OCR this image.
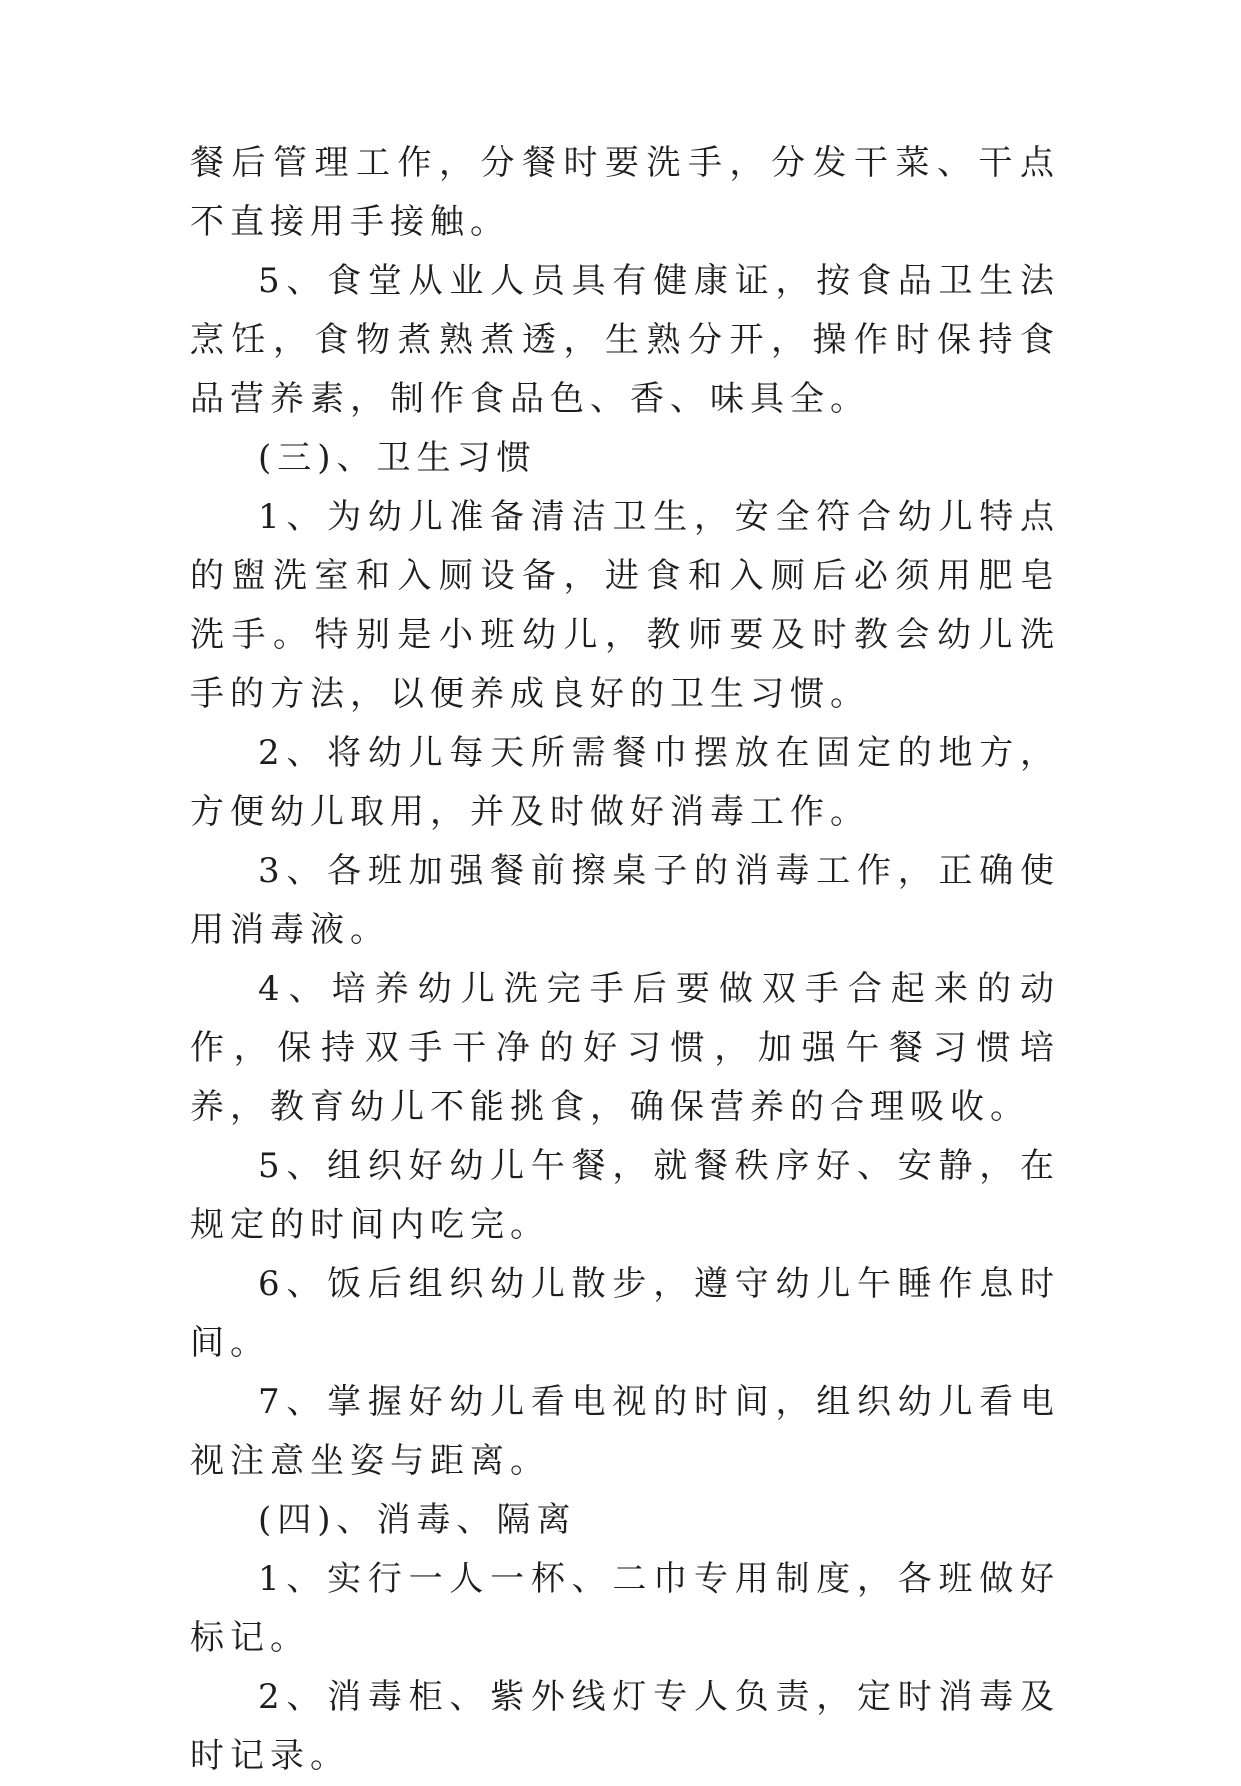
餐后管理工作，分餐时要洗手，分发干菜、干点不直接用手接触。

5、食堂从业人员具有健康证，按食品卫生法烹饪，食物煮熟煮透，生熟分开，操作时保持食品营养素，制作食品色、香、味具全。

(三)、卫生习惯

1、为幼儿准备清洁卫生，安全符合幼儿特点的盥洗室和入厕设备，进食和入厕后必须用肥皂洗手。特别是小班幼儿，教师要及时教会幼儿洗手的方法，以便养成良好的卫生习惯。

2、将幼儿每天所需餐巾摆放在固定的地方，方便幼儿取用，并及时做好消毒工作。

3、各班加强餐前擦桌子的消毒工作，正确使用消毒液。

4、培养幼儿洗完手后要做双手合起来的动作，保持双手干净的好习惯，加强午餐习惯培养，教育幼儿不能挑食，确保营养的合理吸收。

5、组织好幼儿午餐，就餐秩序好、安静，在规定的时间内吃完。

6、饭后组织幼儿散步，遵守幼儿午睡作息时间。

7、掌握好幼儿看电视的时间，组织幼儿看电视注意坐姿与距离。

(四)、消毒、隔离

1、实行一人一杯、二巾专用制度，各班做好标记。

2、消毒柜、紫外线灯专人负责，定时消毒及时记录。
